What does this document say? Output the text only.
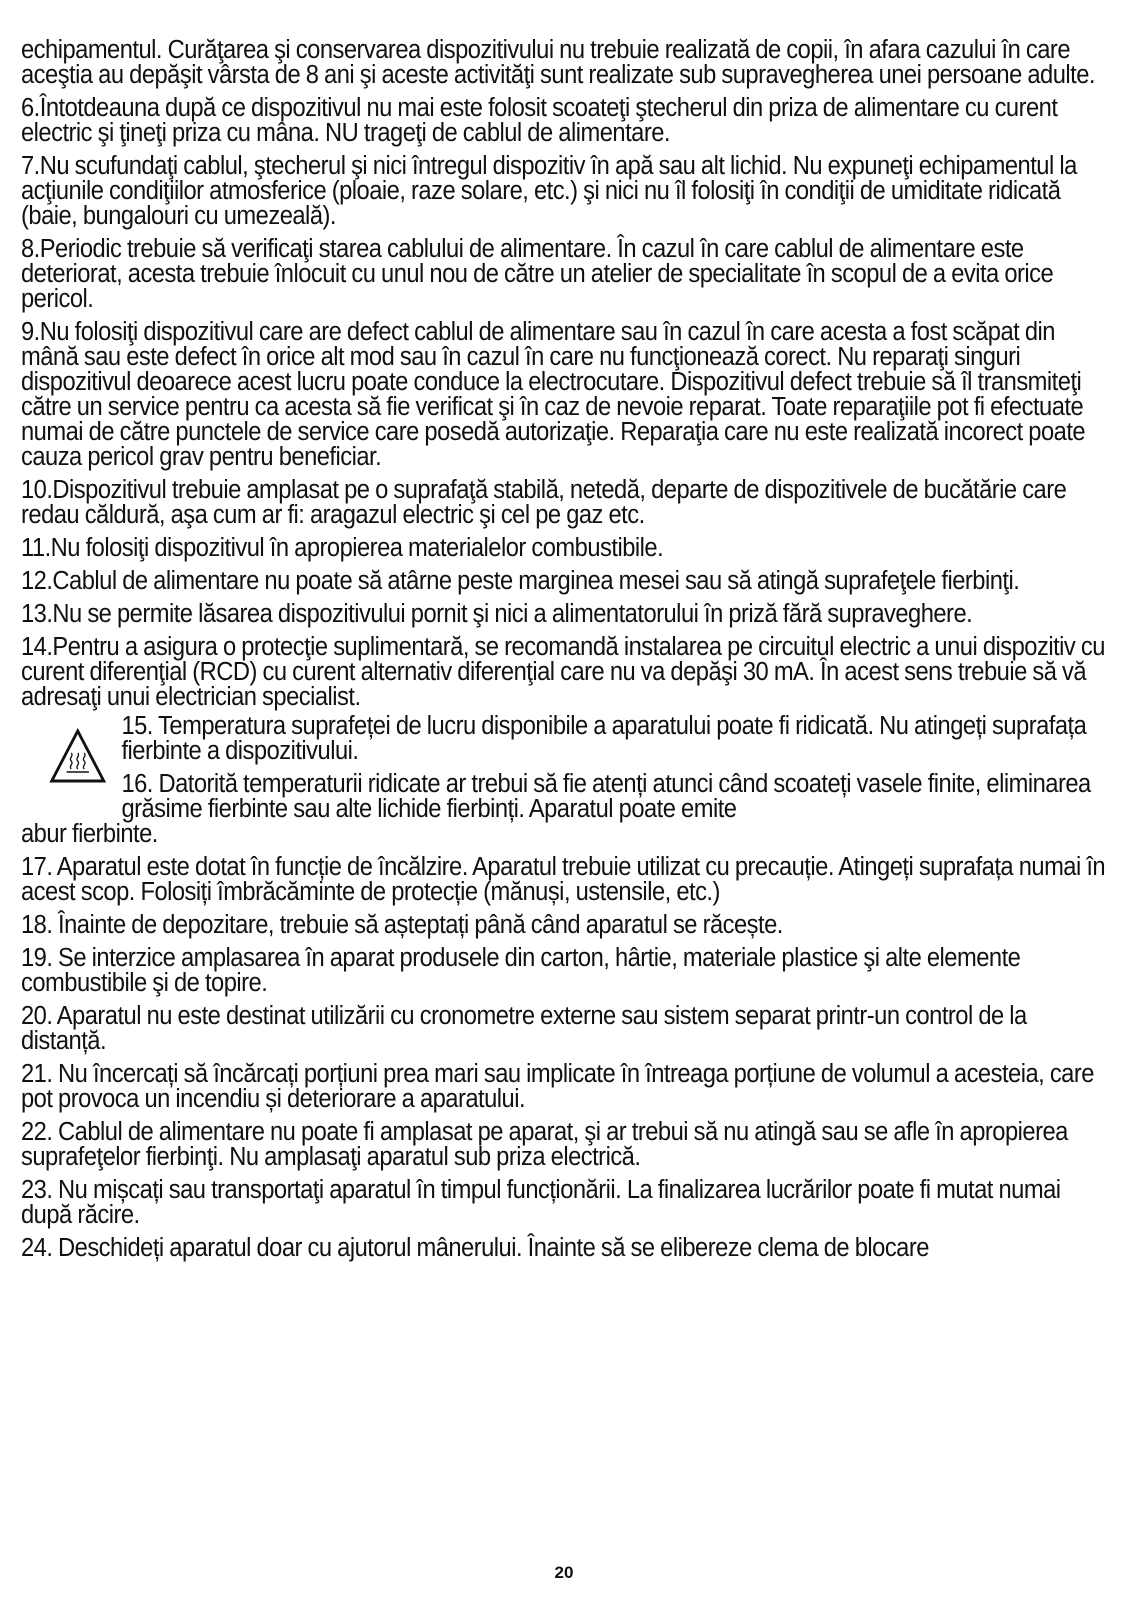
echipamentul. Curăţarea şi conservarea dispozitivului nu trebuie realizată de copii, în afara cazului în care aceştia au depăşit vârsta de 8 ani şi aceste activităţi sunt realizate sub supravegherea unei persoane adulte.

6.Întotdeauna după ce dispozitivul nu mai este folosit scoateţi ştecherul din priza de alimentare cu curent electric şi ţineţi priza cu mâna. NU trageţi de cablul de alimentare.

7.Nu scufundaţi cablul, ştecherul şi nici întregul dispozitiv în apă sau alt lichid. Nu expuneţi echipamentul la acţiunile condiţiilor atmosferice (ploaie, raze solare, etc.) şi nici nu îl folosiţi în condiţii de umiditate ridicată (baie, bungalouri cu umezeală).

8.Periodic trebuie să verificaţi starea cablului de alimentare. În cazul în care cablul de alimentare este deteriorat, acesta trebuie înlocuit cu unul nou de către un atelier de specialitate în scopul de a evita orice pericol.

9.Nu folosiţi dispozitivul care are defect cablul de alimentare sau în cazul în care acesta a fost scăpat din mână sau este defect în orice alt mod sau în cazul în care nu funcţionează corect. Nu reparaţi singuri dispozitivul deoarece acest lucru poate conduce la electrocutare. Dispozitivul defect trebuie să îl transmiteţi către un service pentru ca acesta să fie verificat şi în caz de nevoie reparat. Toate reparaţiile pot fi efectuate numai de către punctele de service care posedă autorizaţie. Reparaţia care nu este realizată incorect poate cauza pericol grav pentru beneficiar.

10.Dispozitivul trebuie amplasat pe o suprafaţă stabilă, netedă, departe de dispozitivele de bucătărie care redau căldură, aşa cum ar fi: aragazul electric şi cel pe gaz etc.

11.Nu folosiţi dispozitivul în apropierea materialelor combustibile.

12.Cablul de alimentare nu poate să atârne peste marginea mesei sau să atingă suprafeţele fierbinţi.

13.Nu se permite lăsarea dispozitivului pornit şi nici a alimentatorului în priză fără supraveghere.

14.Pentru a asigura o protecţie suplimentară, se recomandă instalarea pe circuitul electric a unui dispozitiv cu curent diferenţial (RCD) cu curent alternativ diferenţial care nu va depăşi 30 mA. În acest sens trebuie să vă adresaţi unui electrician specialist.

15. Temperatura suprafeței de lucru disponibile a aparatului poate fi ridicată. Nu atingeți suprafața fierbinte a dispozitivului.

16. Datorită temperaturii ridicate ar trebui să fie atenți atunci când scoateți vasele finite, eliminarea grăsime fierbinte sau alte lichide fierbinți. Aparatul poate emite

abur fierbinte.

17. Aparatul este dotat în funcție de încălzire. Aparatul trebuie utilizat cu precauție. Atingeți suprafața numai în acest scop. Folosiți îmbrăcăminte de protecție (mănuși, ustensile, etc.)

18. Înainte de depozitare, trebuie să așteptați până când aparatul se răcește.

19. Se interzice amplasarea în aparat produsele din carton, hârtie, materiale plastice şi alte elemente combustibile şi de topire.

20. Aparatul nu este destinat utilizării cu cronometre externe sau sistem separat printr-un control de la distanță.

21. Nu încercați să încărcați porțiuni prea mari sau implicate în întreaga porțiune de volumul a acesteia, care pot provoca un incendiu și deteriorare a aparatului.

22. Cablul de alimentare nu poate fi amplasat pe aparat, şi ar trebui să nu atingă sau se afle în apropierea suprafeţelor fierbinţi. Nu amplasaţi aparatul sub priza electrică.

23. Nu mișcați sau transportaţi aparatul în timpul funcționării. La finalizarea lucrărilor poate fi mutat numai după răcire.

24. Deschideți aparatul doar cu ajutorul mânerului. Înainte să se elibereze clema de blocare

20
